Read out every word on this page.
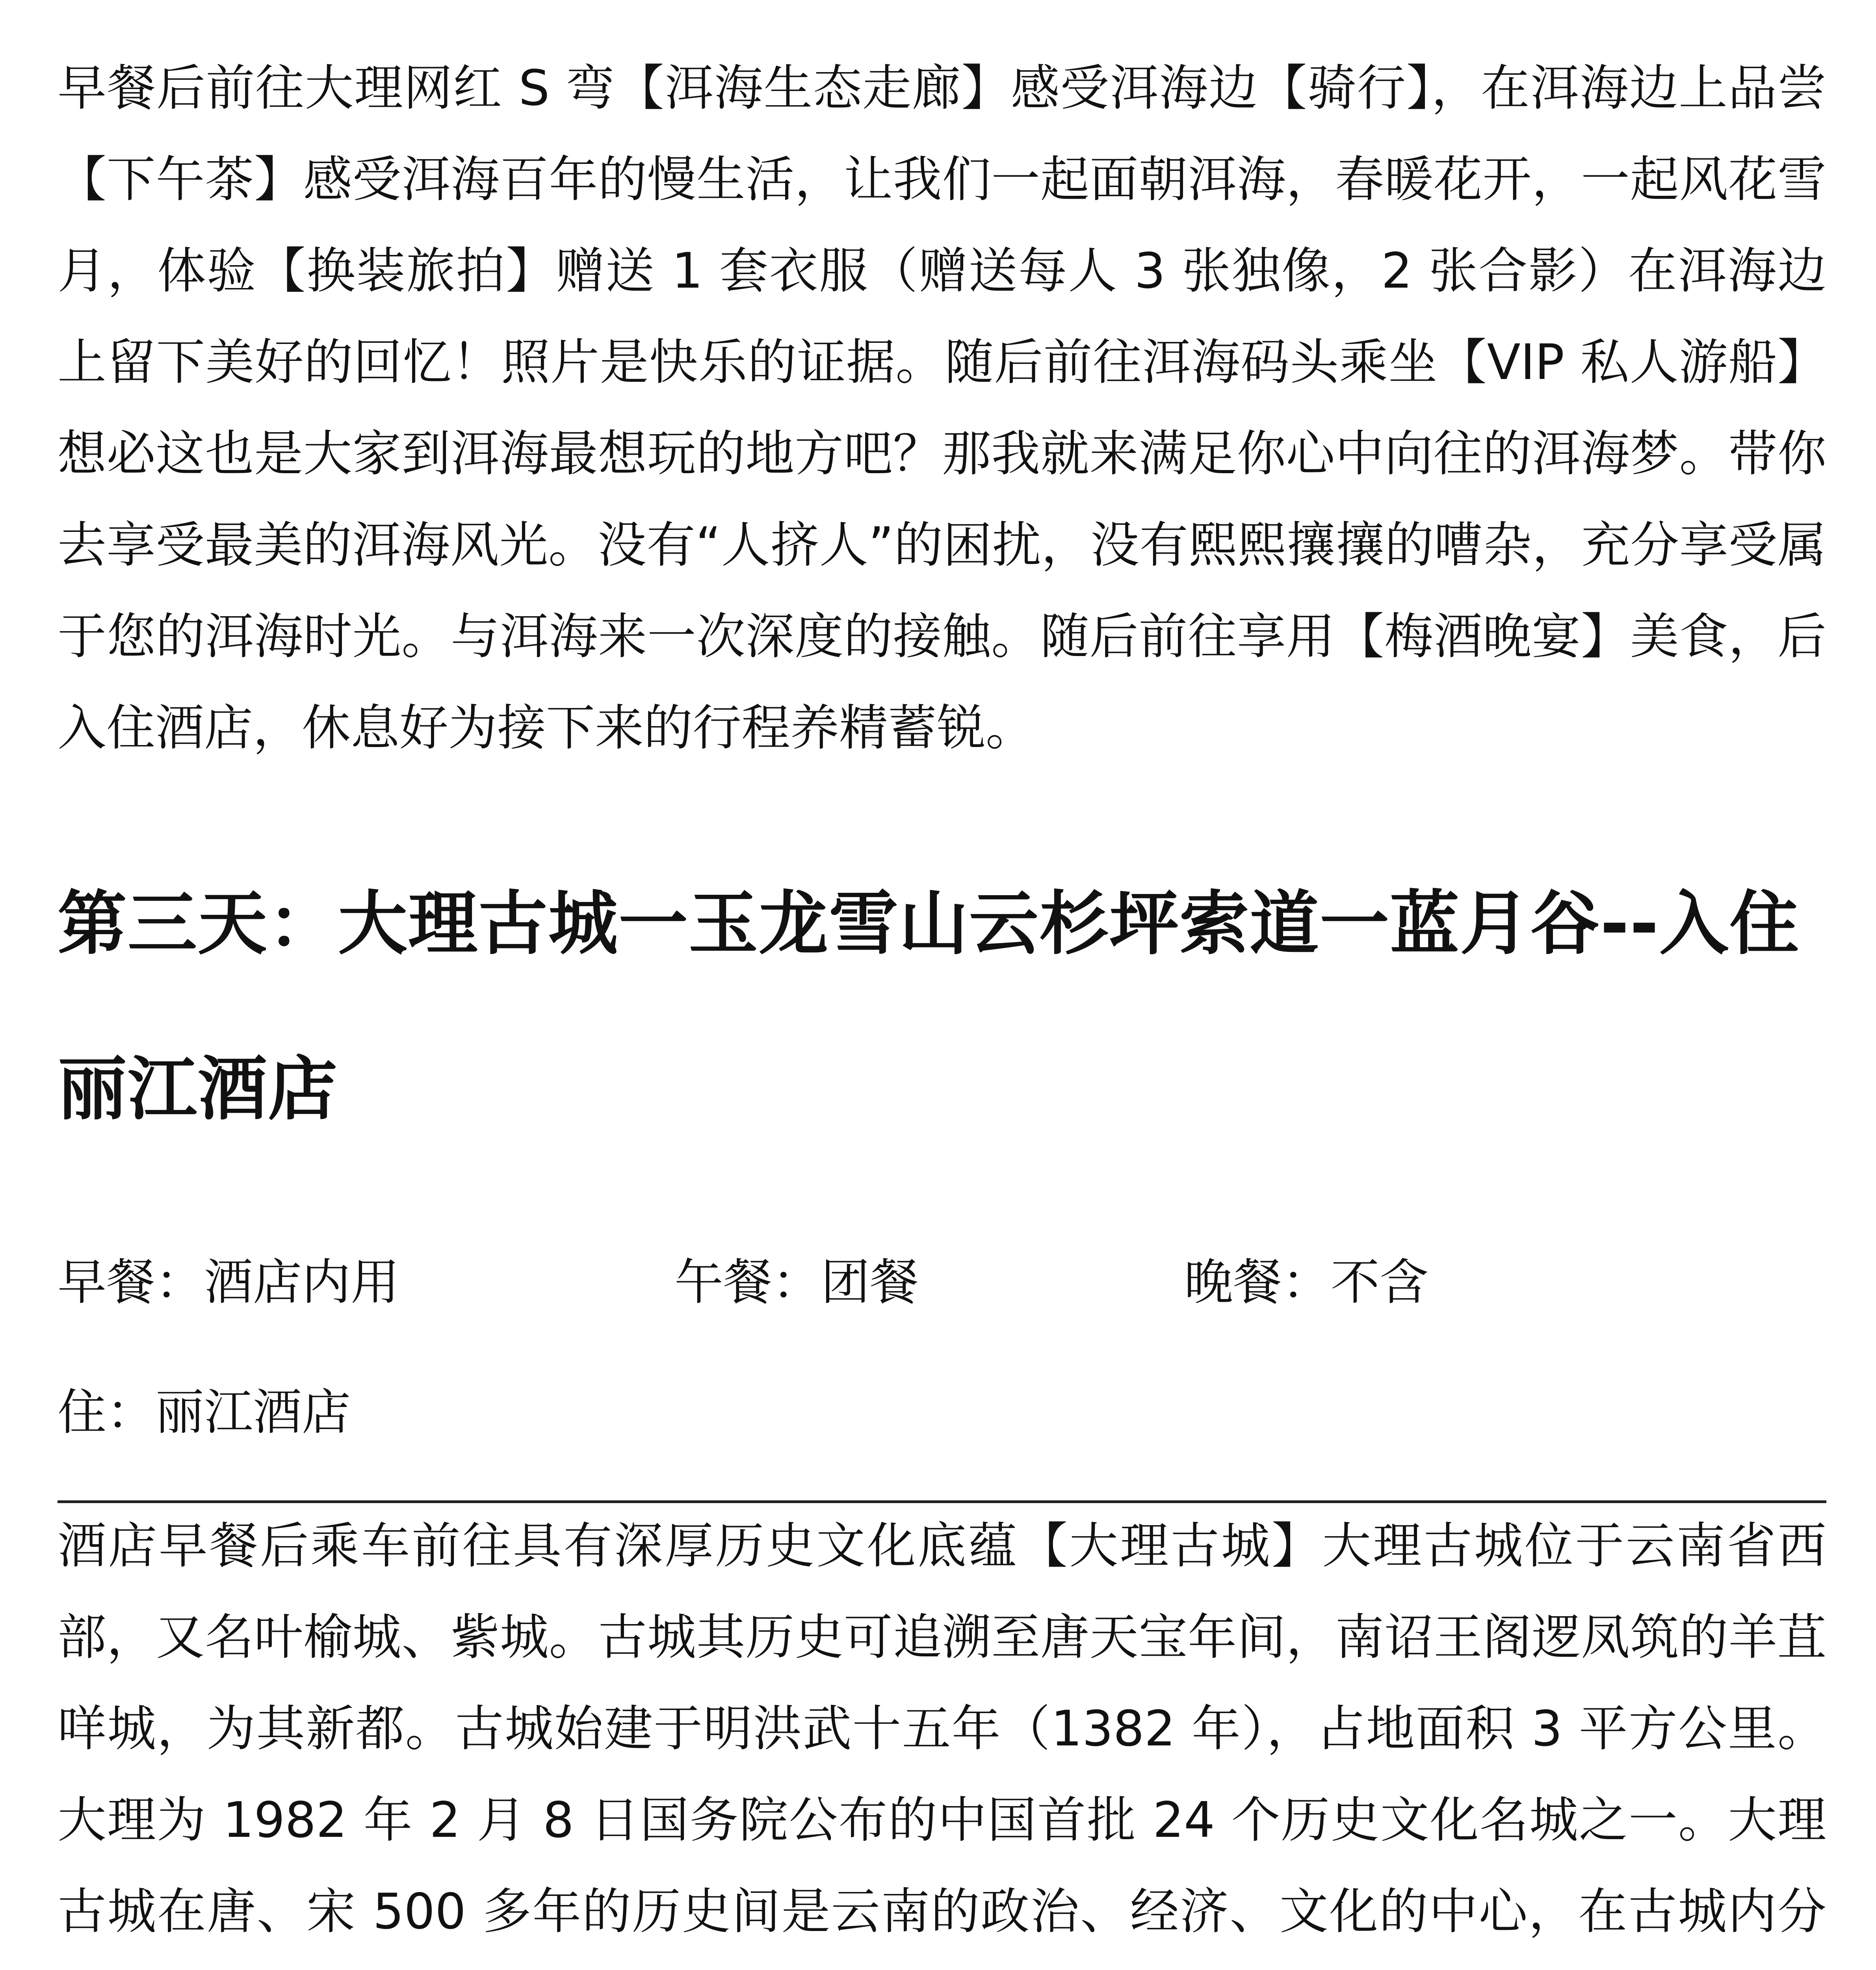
早餐后前往大理网红 S 弯【洱海生态走廊】感受洱海边【骑行】，在洱海边上品尝【下午茶】感受洱海百年的慢生活，让我们一起面朝洱海，春暖花开，一起风花雪月，体验【换装旅拍】赠送 1 套衣服（赠送每人 3 张独像，2 张合影）在洱海边上留下美好的回忆！照片是快乐的证据。随后前往洱海码头乘坐【VIP 私人游船】想必这也是大家到洱海最想玩的地方吧？那我就来满足你心中向往的洱海梦。带你去享受最美的洱海风光。没有“人挤人”的困扰，没有熙熙攘攘的嘈杂，充分享受属于您的洱海时光。与洱海来一次深度的接触。随后前往享用【梅酒晚宴】美食，后入住酒店，休息好为接下来的行程养精蓄锐。
第三天：大理古城一玉龙雪山云杉坪索道一蓝月谷--入住丽江酒店
早餐：酒店内用	午餐：团餐	晚餐：不含
住：丽江酒店
酒店早餐后乘车前往具有深厚历史文化底蕴【大理古城】大理古城位于云南省西部，又名叶榆城、紫城。古城其历史可追溯至唐天宝年间，南诏王阁逻凤筑的羊苴咩城，为其新都。古城始建于明洪武十五年（1382 年），占地面积 3 平方公里。大理为 1982 年 2 月 8 日国务院公布的中国首批 24 个历史文化名城之一。大理古城在唐、宋 500 多年的历史间是云南的政治、经济、文化的中心，在古城内分
